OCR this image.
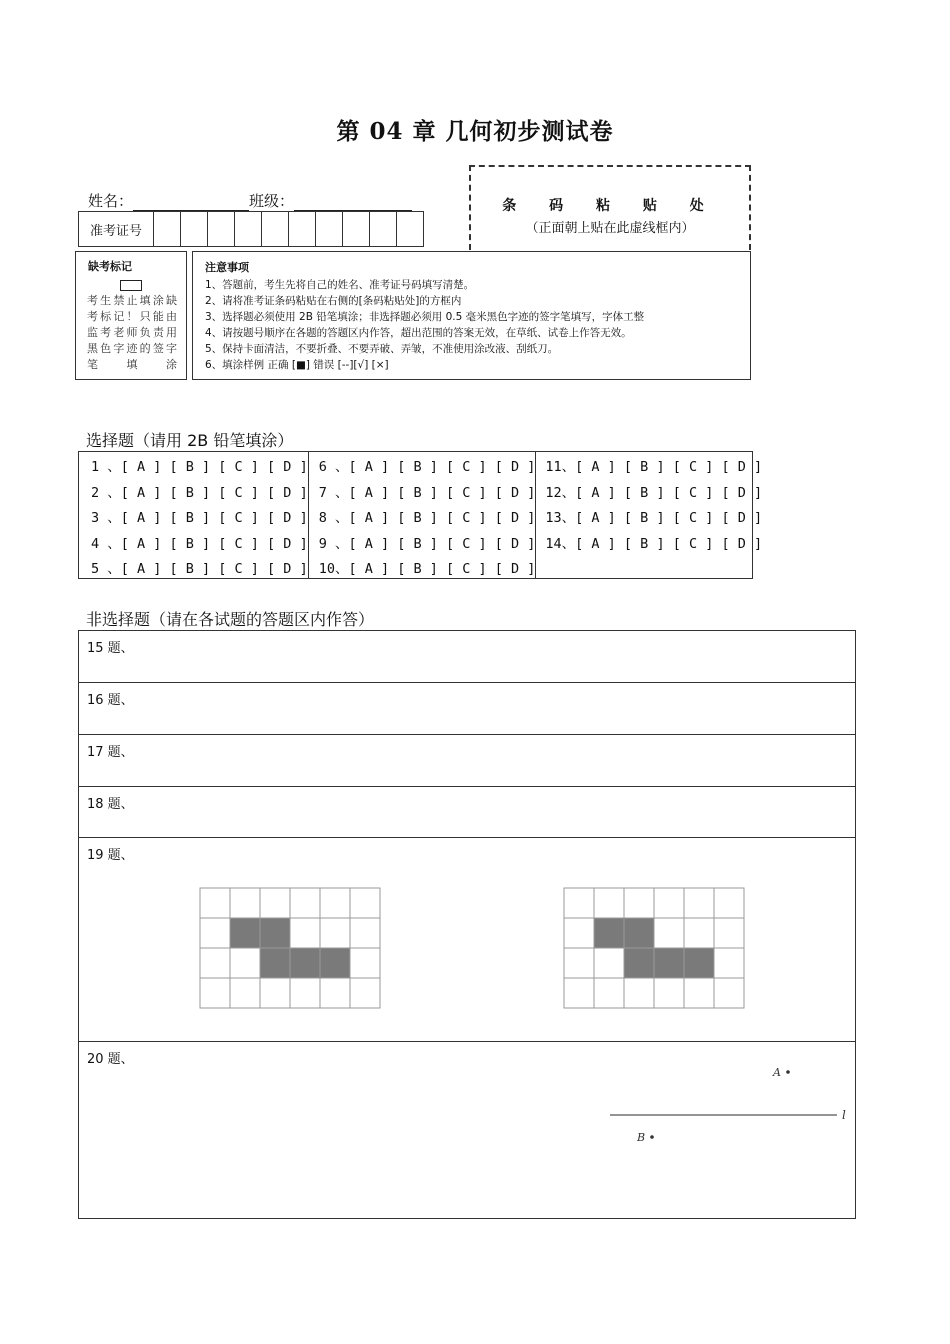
第 04 章 几何初步测试卷
姓名：	班级：
准考证号
条 码 粘 贴 处
（正面朝上贴在此虚线框内）
缺考标记
考生禁止填涂缺考标记！只能由监考老师负责用黑色字迹的签字笔填涂
注意事项
1、答题前，考生先将自己的姓名、准考证号码填写清楚。
2、请将准考证条码粘贴在右侧的[条码粘贴处]的方框内
3、选择题必须使用 2B 铅笔填涂；非选择题必须用 0.5 毫米黑色字迹的签字笔填写，字体工整
4、请按题号顺序在各题的答题区内作答，超出范围的答案无效，在草纸、试卷上作答无效。
5、保持卡面清洁，不要折叠、不要弄破、弄皱，不准使用涂改液、刮纸刀。
6、填涂样例 正确 [■] 错误 [--][√] [×]
选择题（请用 2B 铅笔填涂）
1 、[ A ] [ B ] [ C ] [ D ]
2 、[ A ] [ B ] [ C ] [ D ]
3 、[ A ] [ B ] [ C ] [ D ]
4 、[ A ] [ B ] [ C ] [ D ]
5 、[ A ] [ B ] [ C ] [ D ]
6 、[ A ] [ B ] [ C ] [ D ]
7 、[ A ] [ B ] [ C ] [ D ]
8 、[ A ] [ B ] [ C ] [ D ]
9 、[ A ] [ B ] [ C ] [ D ]
10、[ A ] [ B ] [ C ] [ D ]
11、[ A ] [ B ] [ C ] [ D ]
12、[ A ] [ B ] [ C ] [ D ]
13、[ A ] [ B ] [ C ] [ D ]
14、[ A ] [ B ] [ C ] [ D ]
非选择题（请在各试题的答题区内作答）
15 题、
16 题、
17 题、
18 题、
19 题、
20 题、
A
l
B
